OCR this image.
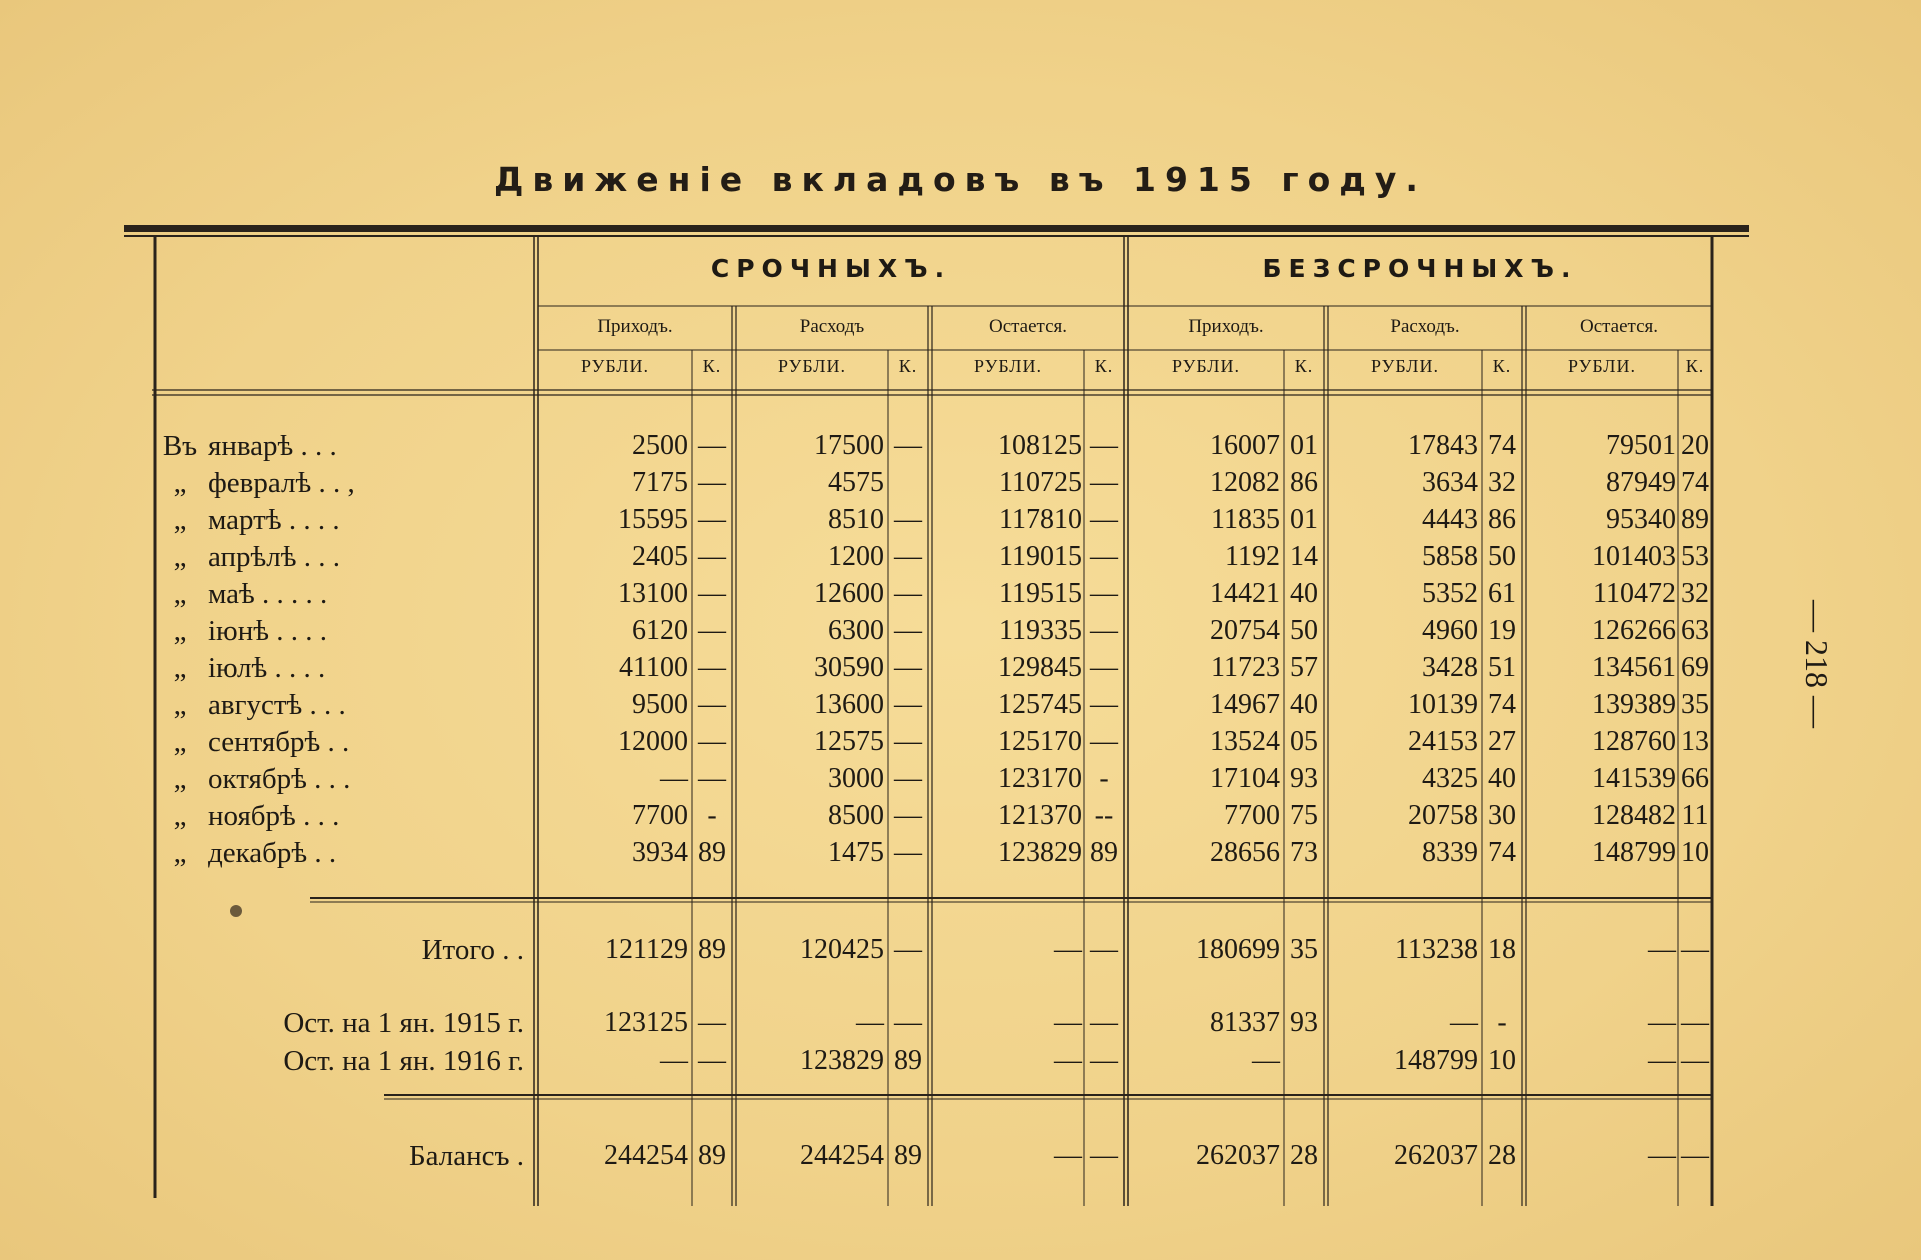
Движенiе вкладовъ въ 1915 году.
СРОЧНЫХЪ.	БЕЗСРОЧНЫХЪ.
Приходъ.	Расходъ	Остается.	Приходъ.	Расходъ.	Остается.
РУБЛИ.	К.	РУБЛИ.	К.	РУБЛИ.	К.	РУБЛИ.	К.	РУБЛИ.	К.	РУБЛИ.	К.
Въ январѣ . . .	2500 —	17500 —	108125 —	16007 01	17843 74	79501 20
„ февралѣ . . ,	7175 —	4575	110725 —	12082 86	3634 32	87949 74
„ мартѣ . . . .	15595 —	8510 —	117810 —	11835 01	4443 86	95340 89
„ апрѣлѣ . . .	2405 —	1200 —	119015 —	1192 14	5858 50	101403 53
„ маѣ . . . . .	13100 —	12600 —	119515 —	14421 40	5352 61	110472 32
„ iюнѣ . . . .	6120 —	6300 —	119335 —	20754 50	4960 19	126266 63
„ iюлѣ . . . .	41100 —	30590 —	129845 —	11723 57	3428 51	134561 69
„ августѣ . . .	9500 —	13600 —	125745 —	14967 40	10139 74	139389 35
„ сентябрѣ . .	12000 —	12575 —	125170 —	13524 05	24153 27	128760 13
„ октябрѣ . . .	— —	3000 —	123170 -	17104 93	4325 40	141539 66
„ ноябрѣ . . .	7700 -	8500 —	121370 --	7700 75	20758 30	128482 11
„ декабрѣ . .	3934 89	1475 —	123829 89	28656 73	8339 74	148799 10
Итого . .	121129 89	120425 —	— —	180699 35	113238 18	— —
Ост. на 1 ян. 1915 г.	123125 —	— —	— —	81337 93	— -	— —
Ост. на 1 ян. 1916 г.	— —	123829 89	— —	—	148799 10	— —
Балансъ .	244254 89	244254 89	— —	262037 28	262037 28	— —
— 218 —
